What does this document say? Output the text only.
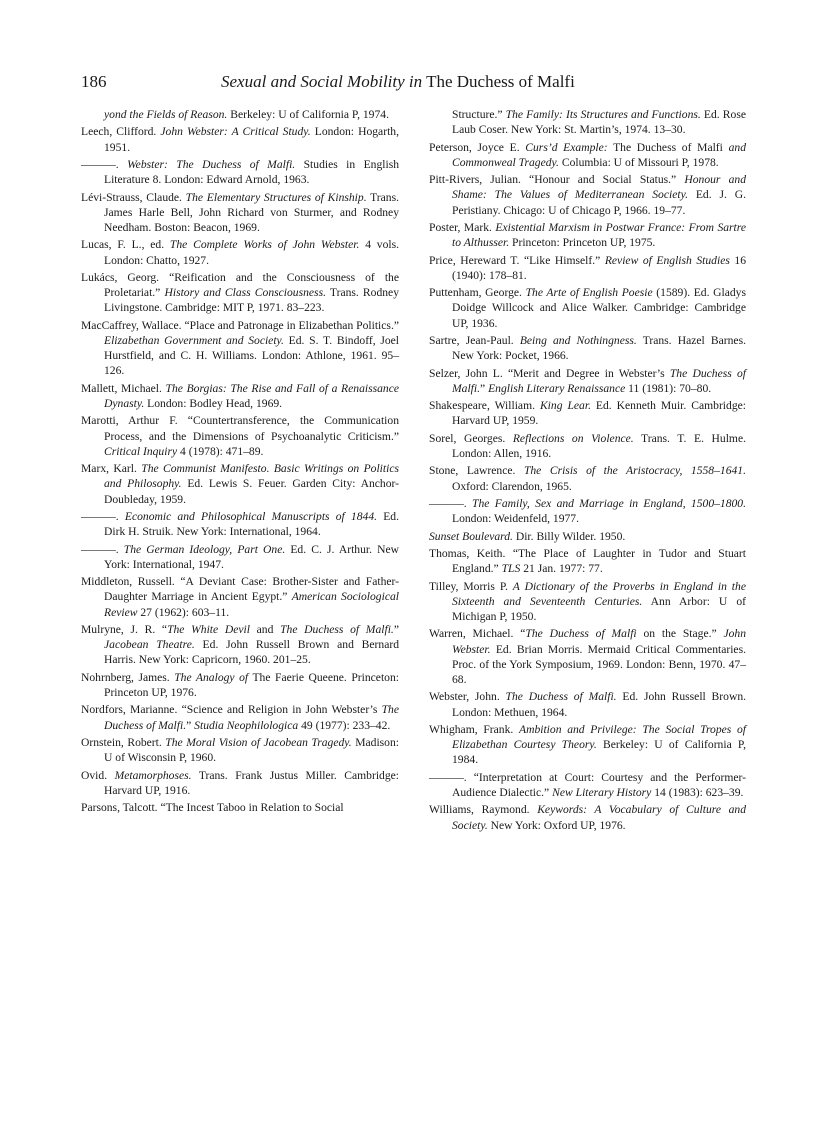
186	Sexual and Social Mobility in The Duchess of Malfi
yond the Fields of Reason. Berkeley: U of California P, 1974.
Leech, Clifford. John Webster: A Critical Study. London: Hogarth, 1951.
———. Webster: The Duchess of Malfi. Studies in English Literature 8. London: Edward Arnold, 1963.
Lévi-Strauss, Claude. The Elementary Structures of Kinship. Trans. James Harle Bell, John Richard von Sturmer, and Rodney Needham. Boston: Beacon, 1969.
Lucas, F. L., ed. The Complete Works of John Webster. 4 vols. London: Chatto, 1927.
Lukács, Georg. “Reification and the Consciousness of the Proletariat.” History and Class Consciousness. Trans. Rodney Livingstone. Cambridge: MIT P, 1971. 83–223.
MacCaffrey, Wallace. “Place and Patronage in Elizabethan Politics.” Elizabethan Government and Society. Ed. S. T. Bindoff, Joel Hurstfield, and C. H. Williams. London: Athlone, 1961. 95–126.
Mallett, Michael. The Borgias: The Rise and Fall of a Renaissance Dynasty. London: Bodley Head, 1969.
Marotti, Arthur F. “Countertransference, the Communication Process, and the Dimensions of Psychoanalytic Criticism.” Critical Inquiry 4 (1978): 471–89.
Marx, Karl. The Communist Manifesto. Basic Writings on Politics and Philosophy. Ed. Lewis S. Feuer. Garden City: Anchor-Doubleday, 1959.
———. Economic and Philosophical Manuscripts of 1844. Ed. Dirk H. Struik. New York: International, 1964.
———. The German Ideology, Part One. Ed. C. J. Arthur. New York: International, 1947.
Middleton, Russell. “A Deviant Case: Brother-Sister and Father-Daughter Marriage in Ancient Egypt.” American Sociological Review 27 (1962): 603–11.
Mulryne, J. R. “The White Devil and The Duchess of Malfi.” Jacobean Theatre. Ed. John Russell Brown and Bernard Harris. New York: Capricorn, 1960. 201–25.
Nohrnberg, James. The Analogy of The Faerie Queene. Princeton: Princeton UP, 1976.
Nordfors, Marianne. “Science and Religion in John Webster’s The Duchess of Malfi.” Studia Neophilologica 49 (1977): 233–42.
Ornstein, Robert. The Moral Vision of Jacobean Tragedy. Madison: U of Wisconsin P, 1960.
Ovid. Metamorphoses. Trans. Frank Justus Miller. Cambridge: Harvard UP, 1916.
Parsons, Talcott. “The Incest Taboo in Relation to Social
Structure.” The Family: Its Structures and Functions. Ed. Rose Laub Coser. New York: St. Martin’s, 1974. 13–30.
Peterson, Joyce E. Curs’d Example: The Duchess of Malfi and Commonweal Tragedy. Columbia: U of Missouri P, 1978.
Pitt-Rivers, Julian. “Honour and Social Status.” Honour and Shame: The Values of Mediterranean Society. Ed. J. G. Peristiany. Chicago: U of Chicago P, 1966. 19–77.
Poster, Mark. Existential Marxism in Postwar France: From Sartre to Althusser. Princeton: Princeton UP, 1975.
Price, Hereward T. “Like Himself.” Review of English Studies 16 (1940): 178–81.
Puttenham, George. The Arte of English Poesie (1589). Ed. Gladys Doidge Willcock and Alice Walker. Cambridge: Cambridge UP, 1936.
Sartre, Jean-Paul. Being and Nothingness. Trans. Hazel Barnes. New York: Pocket, 1966.
Selzer, John L. “Merit and Degree in Webster’s The Duchess of Malfi.” English Literary Renaissance 11 (1981): 70–80.
Shakespeare, William. King Lear. Ed. Kenneth Muir. Cambridge: Harvard UP, 1959.
Sorel, Georges. Reflections on Violence. Trans. T. E. Hulme. London: Allen, 1916.
Stone, Lawrence. The Crisis of the Aristocracy, 1558–1641. Oxford: Clarendon, 1965.
———. The Family, Sex and Marriage in England, 1500–1800. London: Weidenfeld, 1977.
Sunset Boulevard. Dir. Billy Wilder. 1950.
Thomas, Keith. “The Place of Laughter in Tudor and Stuart England.” TLS 21 Jan. 1977: 77.
Tilley, Morris P. A Dictionary of the Proverbs in England in the Sixteenth and Seventeenth Centuries. Ann Arbor: U of Michigan P, 1950.
Warren, Michael. “The Duchess of Malfi on the Stage.” John Webster. Ed. Brian Morris. Mermaid Critical Commentaries. Proc. of the York Symposium, 1969. London: Benn, 1970. 47–68.
Webster, John. The Duchess of Malfi. Ed. John Russell Brown. London: Methuen, 1964.
Whigham, Frank. Ambition and Privilege: The Social Tropes of Elizabethan Courtesy Theory. Berkeley: U of California P, 1984.
———. “Interpretation at Court: Courtesy and the Performer-Audience Dialectic.” New Literary History 14 (1983): 623–39.
Williams, Raymond. Keywords: A Vocabulary of Culture and Society. New York: Oxford UP, 1976.
